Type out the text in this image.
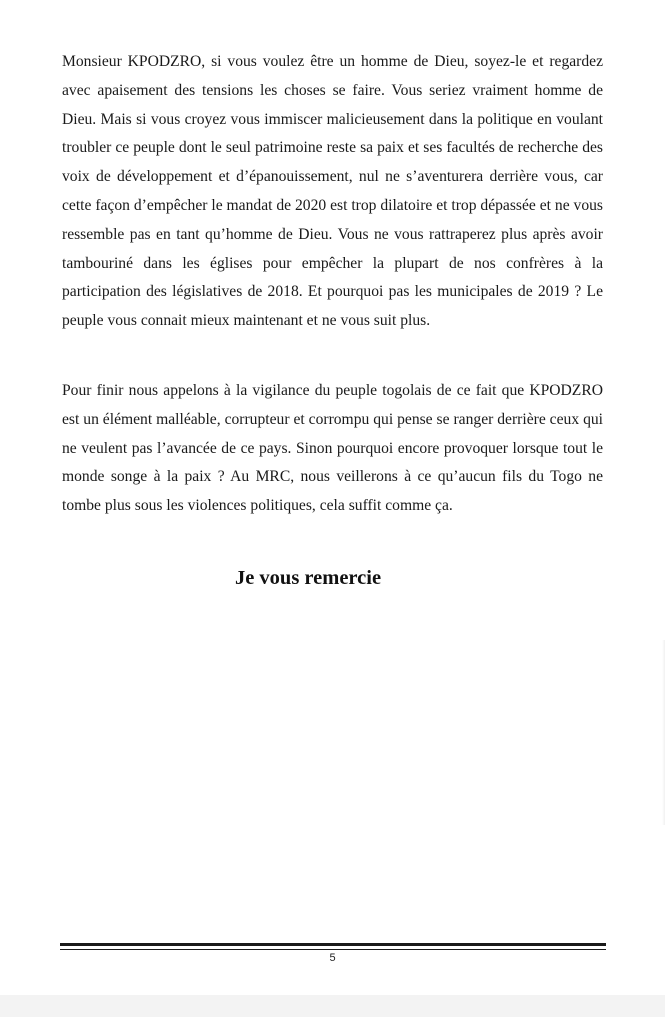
Monsieur KPODZRO, si vous voulez être un homme de Dieu, soyez-le et regardez avec apaisement des tensions les choses se faire. Vous seriez vraiment homme de Dieu. Mais si vous croyez vous immiscer malicieusement dans la politique en voulant troubler ce peuple dont le seul patrimoine reste sa paix et ses facultés de recherche des voix de développement et d’épanouissement, nul ne s’aventurera derrière vous, car cette façon d’empêcher le mandat de 2020 est trop dilatoire et trop dépassée et ne vous ressemble pas en tant qu’homme de Dieu. Vous ne vous rattraperez plus après avoir tambouriné dans les églises pour empêcher la plupart de nos confrères à la participation des législatives de 2018. Et pourquoi pas les municipales de 2019 ? Le peuple vous connait mieux maintenant et ne vous suit plus.

Pour finir nous appelons à la vigilance du peuple togolais de ce fait que KPODZRO est un élément malléable, corrupteur et corrompu qui pense se ranger derrière ceux qui ne veulent pas l’avancée de ce pays. Sinon pourquoi encore provoquer lorsque tout le monde songe à la paix ? Au MRC, nous veillerons à ce qu’aucun fils du Togo ne tombe plus sous les violences politiques, cela suffit comme ça.

Je vous remercie

5
